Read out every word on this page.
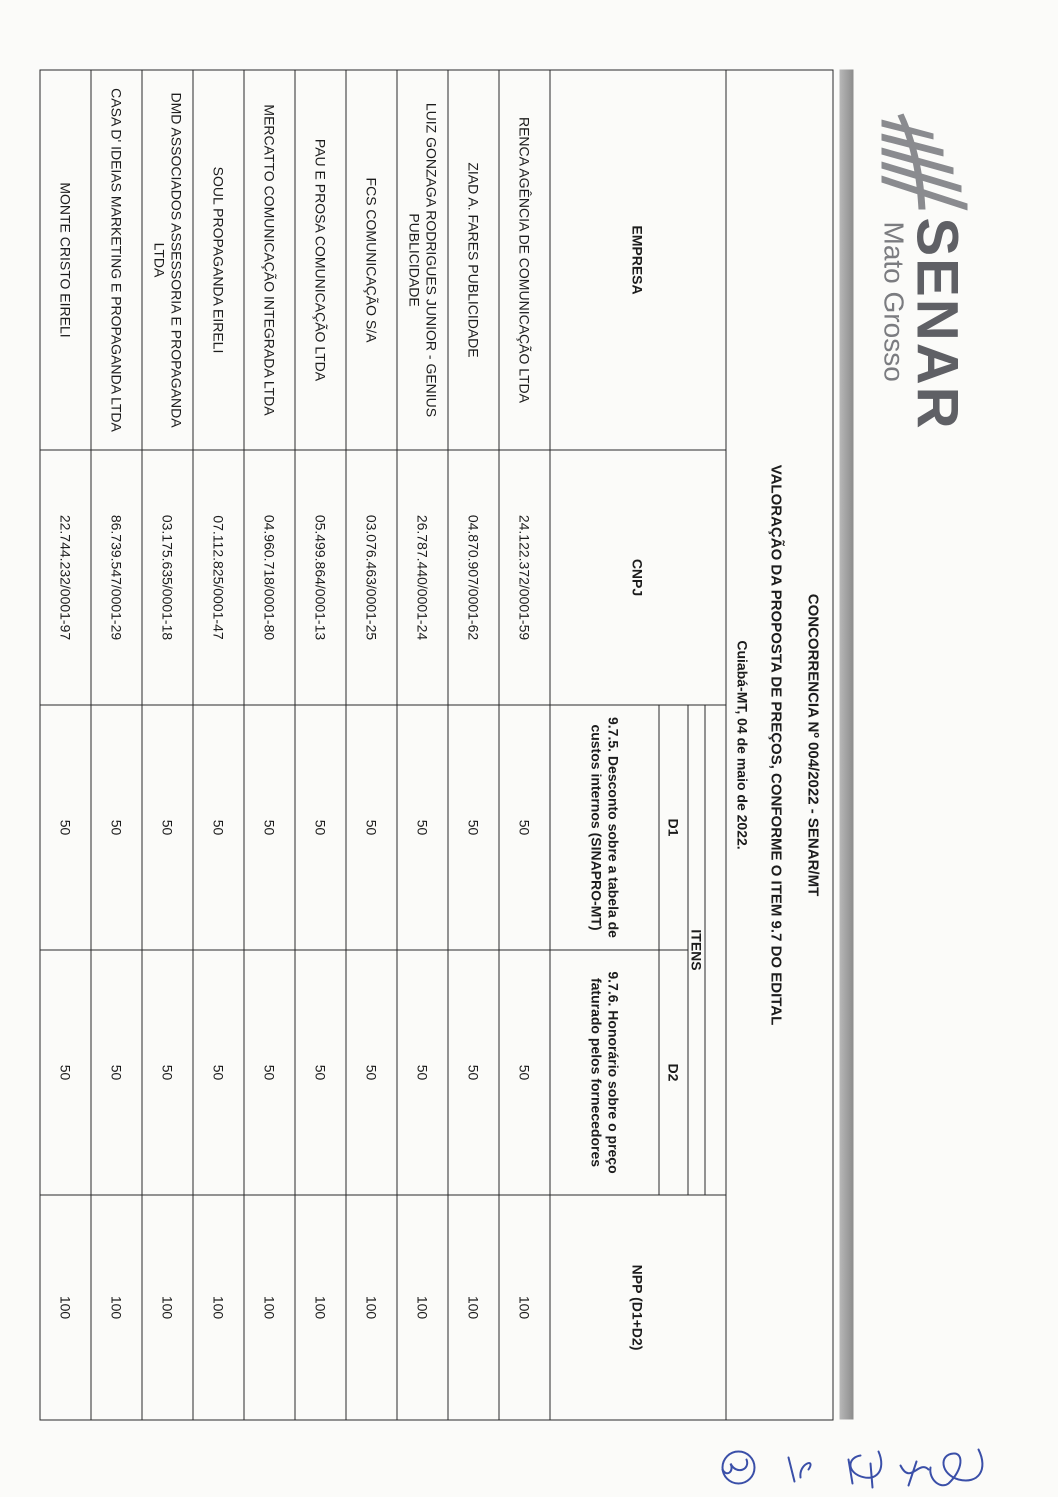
SENAR
Mato Grosso
CONCORRENCIA Nº 004/2022 - SENAR/MT				
VALORAÇÃO DA PROPOSTA DE PREÇOS, CONFORME O ITEM 9.7 DO EDITAL				
Cuiabá-MT, 04 de maio de 2022.				
EMPRESA	CNPJ			NPP (D1+D2)
		ITENS		
		D1	D2	
		9.7.5. Desconto sobre a tabela de custos internos (SINAPRO-MT)	9.7.6. Honorário sobre o preço faturado pelos fornecedores	
RENCA AGÊNCIA DE COMUNICAÇÃO LTDA	24.122.372/0001-59	50	50	100
ZIAD A. FARES PUBLICIDADE	04.870.907/0001-62	50	50	100
LUIZ GONZAGA RODRIGUES JUNIOR - GENIUS PUBLICIDADE	26.787.440/0001-24	50	50	100
FCS COMUNICAÇÃO S/A	03.076.463/0001-25	50	50	100
PAU E PROSA COMUNICAÇÃO LTDA	05.499.864/0001-13	50	50	100
MERCATTO COMUNICAÇÃO INTEGRADA LTDA	04.960.718/0001-80	50	50	100
SOUL PROPAGANDA EIRELI	07.112.825/0001-47	50	50	100
DMD ASSOCIADOS ASSESSORIA E PROPAGANDA LTDA	03.175.635/0001-18	50	50	100
CASA D' IDEIAS MARKETING E PROPAGANDA LTDA	86.739.547/0001-29	50	50	100
MONTE CRISTO EIRELI	22.744.232/0001-97	50	50	100
